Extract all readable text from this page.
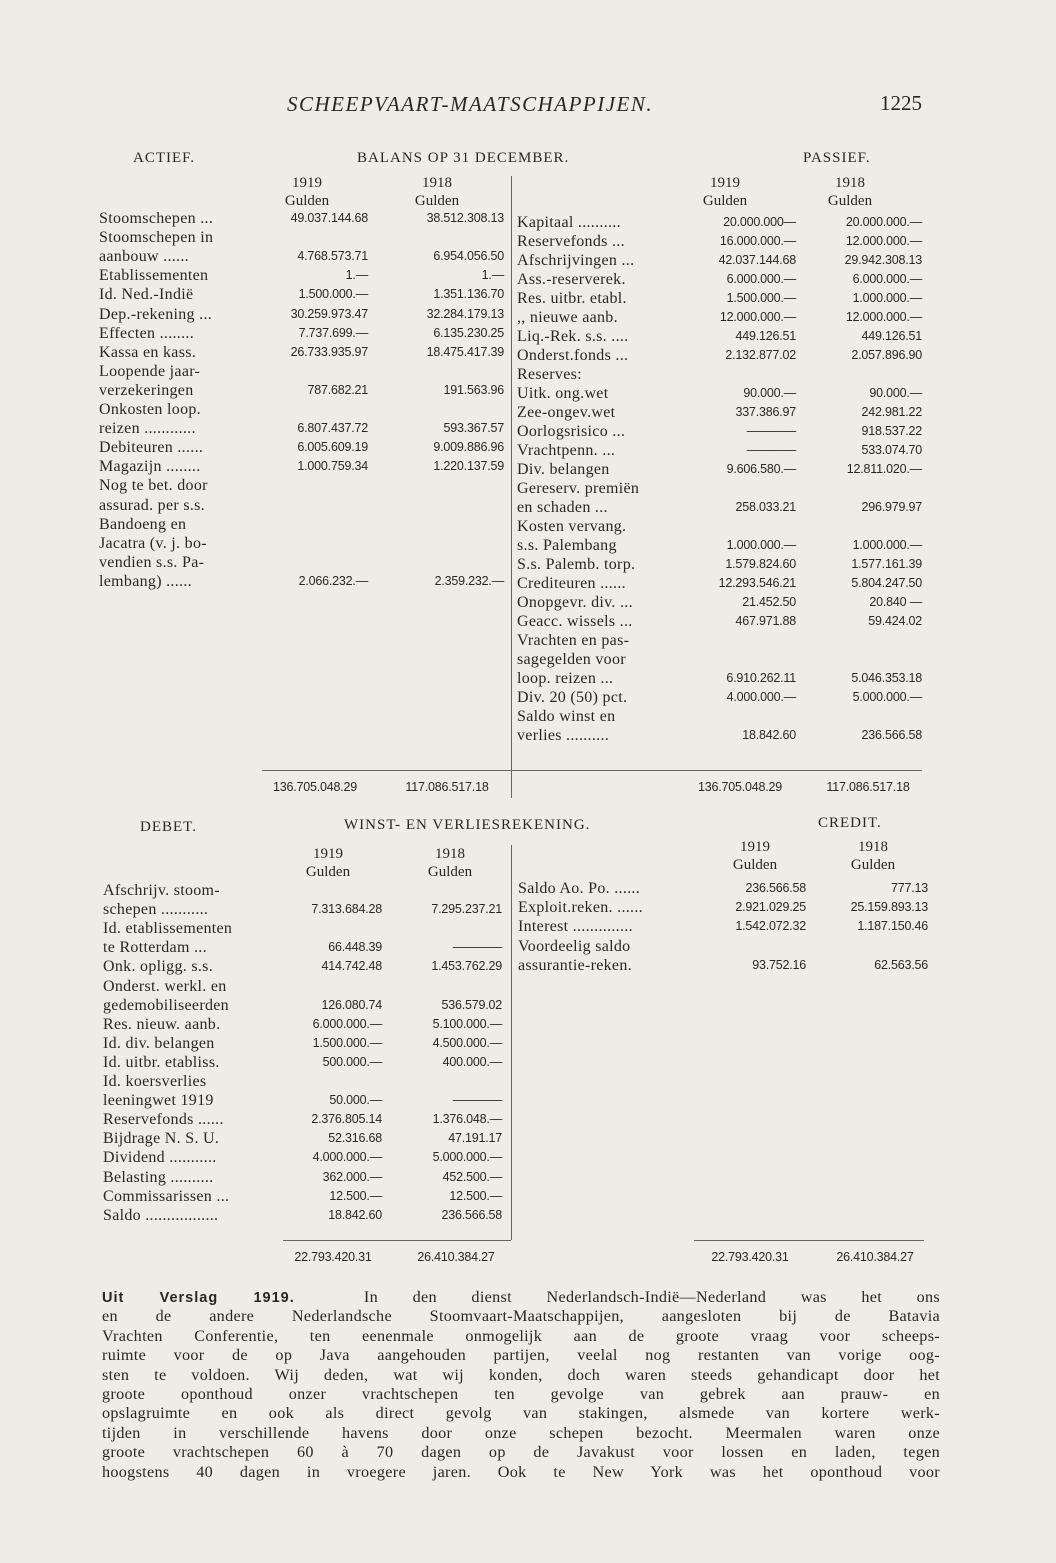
SCHEEPVAART-MAATSCHAPPIJEN.	1225
ACTIEF.	BALANS OP 31 DECEMBER.	PASSIEF.
1919
Gulden
1918
Gulden
1919
Gulden
1918
Gulden
Stoomschepen ...	49.037.144.68	38.512.308.13
Stoomschepen in
aanbouw ......	4.768.573.71	6.954.056.50
Etablissementen	1.—	1.—
Id. Ned.-Indië	1.500.000.—	1.351.136.70
Dep.-rekening ...	30.259.973.47	32.284.179.13
Effecten ........	7.737.699.—	6.135.230.25
Kassa en kass.	26.733.935.97	18.475.417.39
Loopende jaar-
verzekeringen	787.682.21	191.563.96
Onkosten loop.
reizen ............	6.807.437.72	593.367.57
Debiteuren ......	6.005.609.19	9.009.886.96
Magazijn ........	1.000.759.34	1.220.137.59
Nog te bet. door
assurad. per s.s.
Bandoeng en
Jacatra (v. j. bo-
vendien s.s. Pa-
lembang) ......	2.066.232.—	2.359.232.—
Kapitaal ..........	20.000.000—	20.000.000.—
Reservefonds ...	16.000.000.—	12.000.000.—
Afschrijvingen ...	42.037.144.68	29.942.308.13
Ass.-reserverek.	6.000.000.—	6.000.000.—
Res. uitbr. etabl.	1.500.000.—	1.000.000.—
,, nieuwe aanb.	12.000.000.—	12.000.000.—
Liq.-Rek. s.s. ....	449.126.51	449.126.51
Onderst.fonds ...	2.132.877.02	2.057.896.90
Reserves:
Uitk. ong.wet	90.000.—	90.000.—
Zee-ongev.wet	337.386.97	242.981.22
Oorlogsrisico ...	————	918.537.22
Vrachtpenn. ...	————	533.074.70
Div. belangen	9.606.580.—	12.811.020.—
Gereserv. premiën
en schaden ...	258.033.21	296.979.97
Kosten vervang.
s.s. Palembang	1.000.000.—	1.000.000.—
S.s. Palemb. torp.	1.579.824.60	1.577.161.39
Crediteuren ......	12.293.546.21	5.804.247.50
Onopgevr. div. ...	21.452.50	20.840 —
Geacc. wissels ...	467.971.88	59.424.02
Vrachten en pas-
sagegelden voor
loop. reizen ...	6.910.262.11	5.046.353.18
Div. 20 (50) pct.	4.000.000.—	5.000.000.—
Saldo winst en
verlies ..........	18.842.60	236.566.58
136.705.048.29	117.086.517.18	136.705.048.29	117.086.517.18
DEBET.	WINST- EN VERLIESREKENING.	CREDIT.
1919
Gulden
1918
Gulden
1919
Gulden
1918
Gulden
Afschrijv. stoom-
schepen ...........	7.313.684.28	7.295.237.21
Id. etablissementen
te Rotterdam ...	66.448.39	————
Onk. opligg. s.s.	414.742.48	1.453.762.29
Onderst. werkl. en
gedemobiliseerden	126.080.74	536.579.02
Res. nieuw. aanb.	6.000.000.—	5.100.000.—
Id. div. belangen	1.500.000.—	4.500.000.—
Id. uitbr. etabliss.	500.000.—	400.000.—
Id. koersverlies
leeningwet 1919	50.000.—	————
Reservefonds ......	2.376.805.14	1.376.048.—
Bijdrage N. S. U.	52.316.68	47.191.17
Dividend ...........	4.000.000.—	5.000.000.—
Belasting ..........	362.000.—	452.500.—
Commissarissen ...	12.500.—	12.500.—
Saldo .................	18.842.60	236.566.58
Saldo Ao. Po. ......	236.566.58	777.13
Exploit.reken. ......	2.921.029.25	25.159.893.13
Interest ..............	1.542.072.32	1.187.150.46
Voordeelig saldo
assurantie-reken.	93.752.16	62.563.56
22.793.420.31	26.410.384.27	22.793.420.31	26.410.384.27
Uit Verslag 1919.	In den dienst Nederlandsch-Indië—Nederland was het ons
en de andere Nederlandsche Stoomvaart-Maatschappijen, aangesloten bij de Batavia
Vrachten Conferentie, ten eenenmale onmogelijk aan de groote vraag voor scheeps-
ruimte voor de op Java aangehouden partijen, veelal nog restanten van vorige oog-
sten te voldoen. Wij deden, wat wij konden, doch waren steeds gehandicapt door het
groote oponthoud onzer vrachtschepen ten gevolge van gebrek aan prauw- en
opslagruimte en ook als direct gevolg van stakingen, alsmede van kortere werk-
tijden in verschillende havens door onze schepen bezocht. Meermalen waren onze
groote vrachtschepen 60 à 70 dagen op de Javakust voor lossen en laden, tegen
hoogstens 40 dagen in vroegere jaren. Ook te New York was het oponthoud voor
